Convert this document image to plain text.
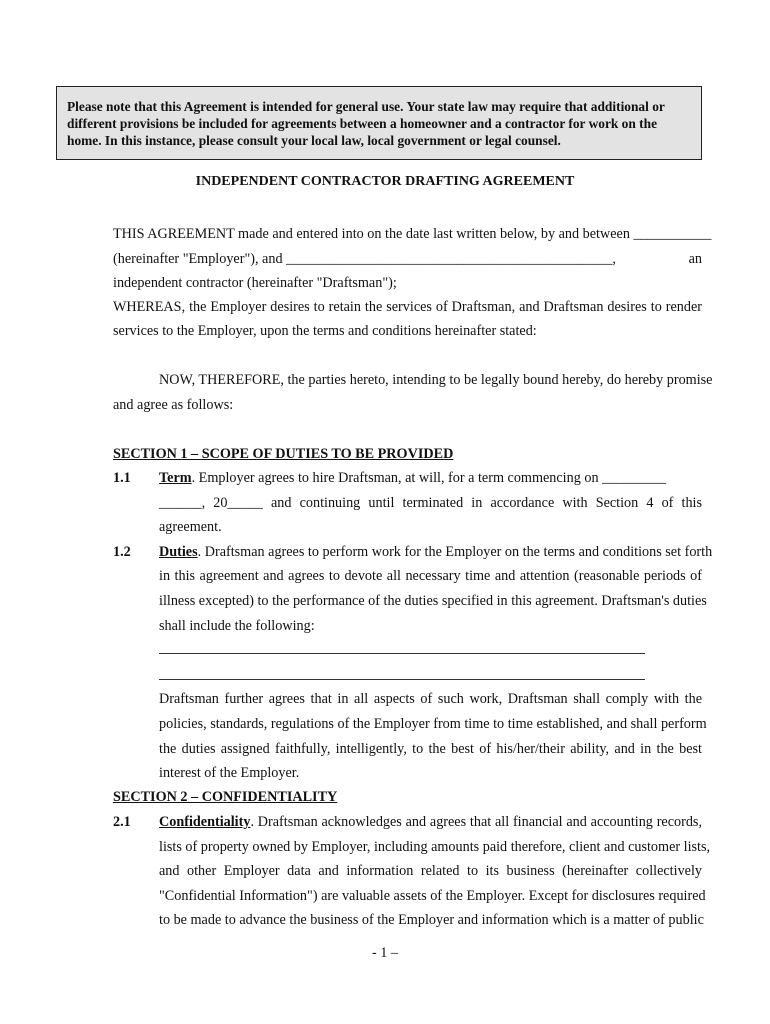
Please note that this Agreement is intended for general use. Your state law may require that additional or

different provisions be included for agreements between a homeowner and a contractor for work on the

home. In this instance, please consult your local law, local government or legal counsel.

INDEPENDENT CONTRACTOR DRAFTING AGREEMENT

THIS AGREEMENT made and entered into on the date last written below, by and between ___________

(hereinafter "Employer"), and ______________________________________________,	an

independent contractor (hereinafter "Draftsman");

WHEREAS, the Employer desires to retain the services of Draftsman, and Draftsman desires to render

services to the Employer, upon the terms and conditions hereinafter stated:

NOW, THEREFORE, the parties hereto, intending to be legally bound hereby, do hereby promise

and agree as follows:

SECTION 1 – SCOPE OF DUTIES TO BE PROVIDED

1.1 Term. Employer agrees to hire Draftsman, at will, for a term commencing on _________

______, 20_____ and continuing until terminated in accordance with Section 4 of this

agreement.

1.2 Duties. Draftsman agrees to perform work for the Employer on the terms and conditions set forth

in this agreement and agrees to devote all necessary time and attention (reasonable periods of

illness excepted) to the performance of the duties specified in this agreement. Draftsman's duties

shall include the following:

Draftsman further agrees that in all aspects of such work, Draftsman shall comply with the

policies, standards, regulations of the Employer from time to time established, and shall perform

the duties assigned faithfully, intelligently, to the best of his/her/their ability, and in the best

interest of the Employer.

SECTION 2 – CONFIDENTIALITY

2.1 Confidentiality. Draftsman acknowledges and agrees that all financial and accounting records,

lists of property owned by Employer, including amounts paid therefore, client and customer lists,

and other Employer data and information related to its business (hereinafter collectively

"Confidential Information") are valuable assets of the Employer. Except for disclosures required

to be made to advance the business of the Employer and information which is a matter of public

- 1 –
